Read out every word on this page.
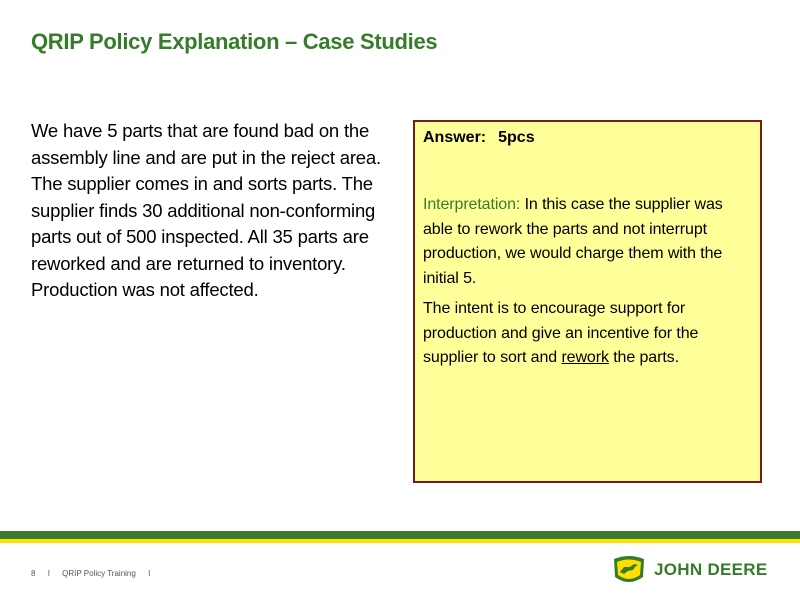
QRIP Policy Explanation – Case Studies
We have 5 parts that are found bad on the assembly line and are put in the reject area. The supplier comes in and sorts parts. The supplier finds 30 additional non-conforming parts out of 500 inspected. All 35 parts are reworked and are returned to inventory. Production was not affected.
Answer: 5pcs
Interpretation: In this case the supplier was able to rework the parts and not interrupt production, we would charge them with the initial 5.
The intent is to encourage support for production and give an incentive for the supplier to sort and rework the parts.
8 I QRIP Policy Training I	JOHN DEERE
